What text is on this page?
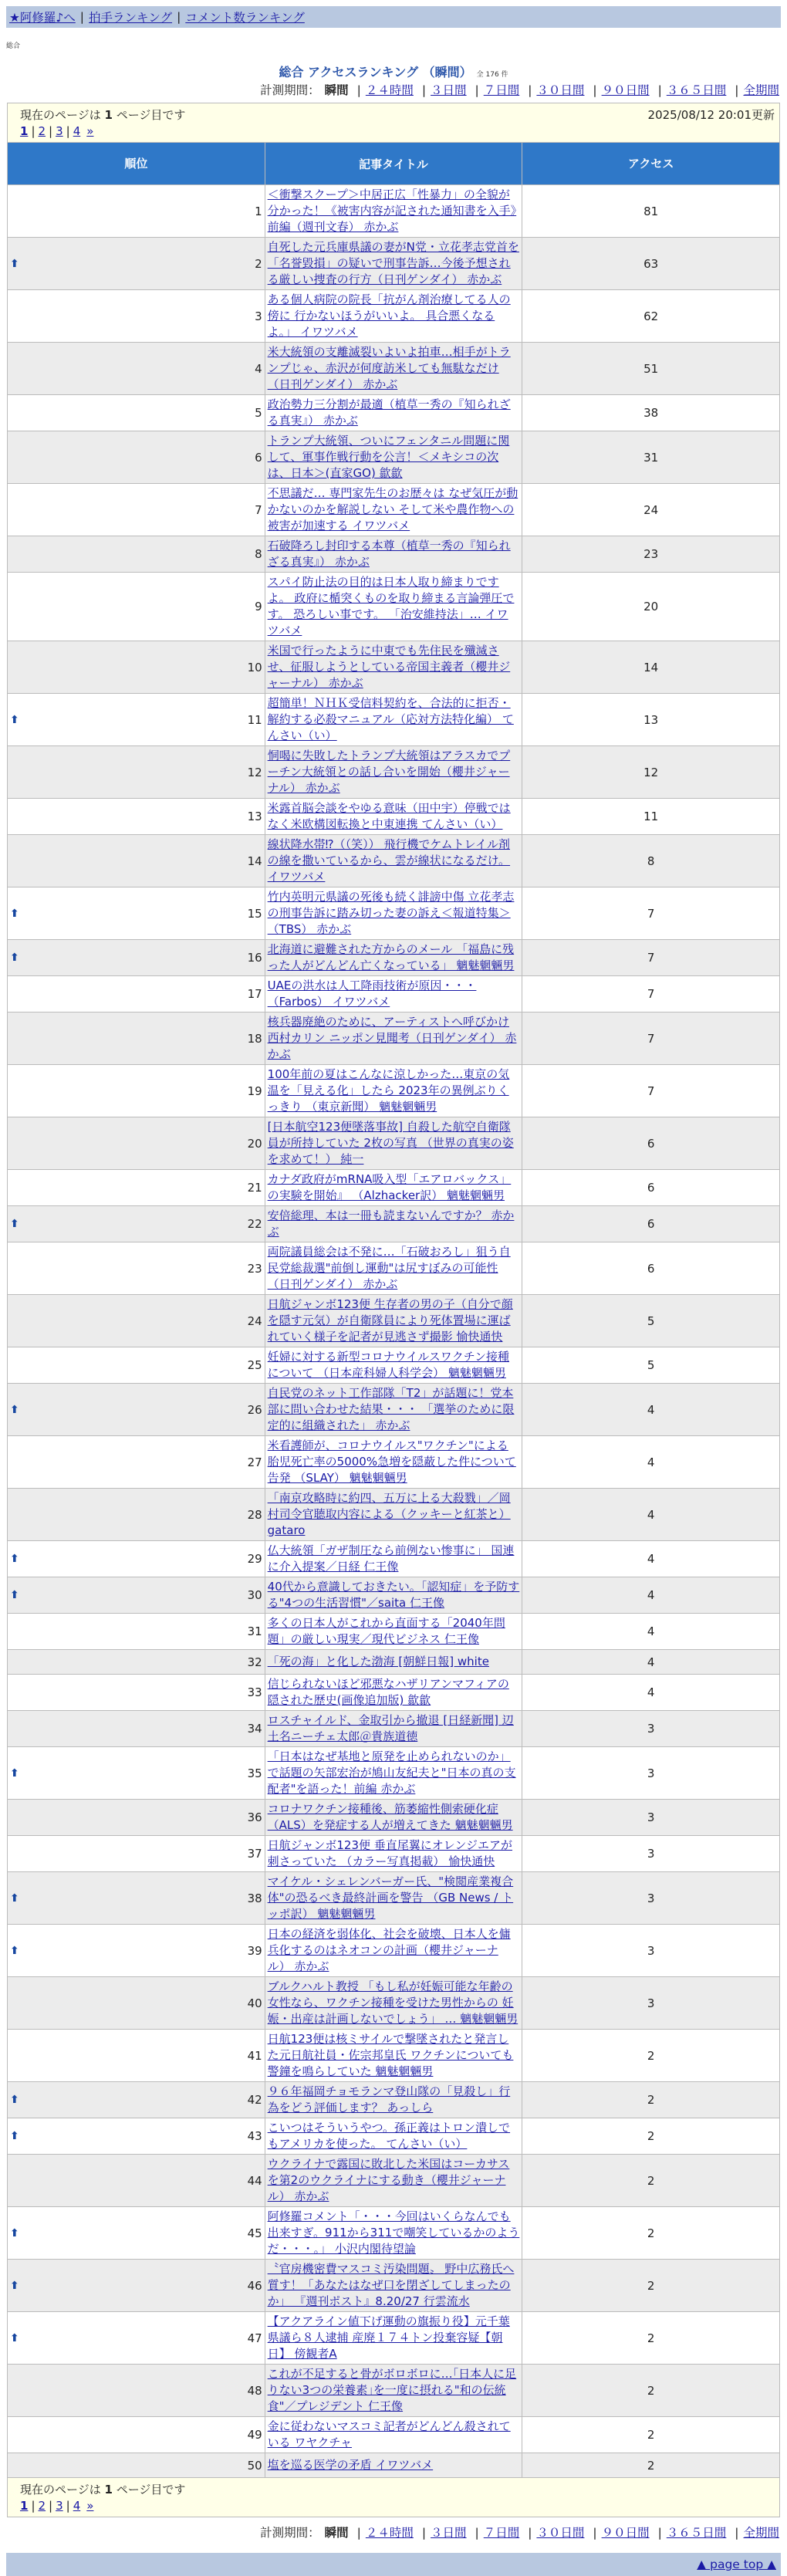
★阿修羅♪へ | 拍手ランキング | コメント数ランキング
総合
総合 アクセスランキング （瞬間） 全 176 件
計測期間： 瞬間 | ２４時間 | ３日間 | ７日間 | ３０日間 | ９０日間 | ３６５日間 | 全期間
現在のページは 1 ページ目です 2025/08/12 20:01更新
1 | 2 | 3 | 4 »		

順位	記事タイトル	アクセス
1	＜衝撃スクープ＞中居正広「性暴力」の全貌が分かった！《被害内容が記された通知書を入手》前編（週刊文春） 赤かぶ	81

⬆ 2	自死した元兵庫県議の妻がN党・立花孝志党首を「名誉毀損」の疑いで刑事告訴…今後予想される厳しい捜査の行方（日刊ゲンダイ） 赤かぶ	63
3	ある個人病院の院長「抗がん剤治療してる人の傍に 行かないほうがいいよ。 具合悪くなるよ。」 イワツバメ	62
4	米大統領の支離滅裂いよいよ拍車…相手がトランプじゃ、赤沢が何度訪米しても無駄なだけ（日刊ゲンダイ） 赤かぶ	51
5	政治勢力三分割が最適（植草一秀の『知られざる真実』） 赤かぶ	38
6	トランプ大統領、ついにフェンタニル問題に関して、軍事作戦行動を公言！＜メキシコの次は、日本＞(直家GO) 歙歙	31
7	不思議だ… 専門家先生のお歴々は なぜ気圧が動かないのかを解説しない そして米や農作物への被害が加速する イワツバメ	24
8	石破降ろし封印する本尊（植草一秀の『知られざる真実』） 赤かぶ	23
9	スパイ防止法の目的は日本人取り締まりですよ。 政府に楯突くものを取り締まる言論弾圧です。 恐ろしい事です。 「治安維持法」… イワツバメ	20
10	米国で行ったように中東でも先住民を殲滅させ、征服しようとしている帝国主義者（櫻井ジャーナル） 赤かぶ	14

⬆ 11	超簡単！ＮＨＫ受信料契約を、合法的に拒否・解約する必殺マニュアル（応対方法特化編） てんさい（い）	13
12	恫喝に失敗したトランプ大統領はアラスカでプーチン大統領との話し合いを開始（櫻井ジャーナル） 赤かぶ	12
13	米露首脳会談をやゆる意味（田中宇）停戦ではなく米欧構図転換と中東連携 てんさい（い）	11
14	線状降水帯⁉（（笑）） 飛行機でケムトレイル剤の線を撒いているから、雲が線状になるだけ。 イワツバメ	8

⬆ 15	竹内英明元県議の死後も続く誹謗中傷 立花孝志の刑事告訴に踏み切った妻の訴え＜報道特集＞（TBS） 赤かぶ	7

⬆ 16	北海道に避難された方からのメール 「福島に残った人がどんどん亡くなっている」 魑魅魍魎男	7
17	UAEの洪水は人工降雨技術が原因・・・（Farbos） イワツバメ	7
18	核兵器廃絶のために、アーティストへ呼びかけ 西村カリン ニッポン見聞考（日刊ゲンダイ） 赤かぶ	7
19	100年前の夏はこんなに涼しかった…東京の気温を「見える化」したら 2023年の異例ぶりくっきり （東京新聞） 魑魅魍魎男	7
20	[日本航空123便墜落事故] 自殺した航空自衛隊員が所持していた 2枚の写真 （世界の真実の姿を求めて！） 純一	6
21	カナダ政府がmRNA吸入型「エアロバックス」の実験を開始』 （Alzhacker訳） 魑魅魍魎男	6

⬆ 22	安倍総理、本は一冊も読まないんですか？ 赤かぶ	6
23	両院議員総会は不発に…「石破おろし」狙う自民党総裁選"前倒し運動"は尻すぼみの可能性（日刊ゲンダイ） 赤かぶ	6
24	日航ジャンボ123便 生存者の男の子（自分で顔を隠す元気）が自衛隊員により死体置場に運ばれていく様子を記者が見逃さず撮影 愉快通快	5
25	妊婦に対する新型コロナウイルスワクチン接種について （日本産科婦人科学会） 魑魅魍魎男	5

⬆ 26	自民党のネット工作部隊「T2」が話題に！党本部に問い合わせた結果・・・ 「選挙のために限定的に組織された」 赤かぶ	4
27	米看護師が、コロナウイルス"ワクチン"による胎児死亡率の5000%急増を隠蔽した件について告発 （SLAY） 魑魅魍魎男	4
28	「南京攻略時に約四、五万に上る大殺戮」／岡村司令官聴取内容による（クッキーと紅茶と） gataro	4

⬆ 29	仏大統領「ガザ制圧なら前例ない惨事に」 国連に介入提案／日経 仁王像	4

⬆ 30	40代から意識しておきたい。「認知症」を予防する"4つの生活習慣"／saita 仁王像	4
31	多くの日本人がこれから直面する「2040年問題」の厳しい現実／現代ビジネス 仁王像	4
32	「死の海」と化した渤海 [朝鮮日報] white	4
33	信じられないほど邪悪なハザリアンマフィアの隠された歴史(画像追加版) 歙歙	4
34	ロスチャイルド、金取引から撤退 [日経新聞] 辺土名ニーチェ太郎＠貴族道徳	3

⬆ 35	「日本はなぜ基地と原発を止められないのか」で話題の矢部宏治が鳩山友紀夫と"日本の真の支配者"を語った！前編 赤かぶ	3
36	コロナワクチン接種後、筋萎縮性側索硬化症（ALS）を発症する人が増えてきた 魑魅魍魎男	3
37	日航ジャンボ123便 垂直尾翼にオレンジエアが刺さっていた （カラー写真掲載） 愉快通快	3

⬆ 38	マイケル・シェレンバーガー氏、"検閲産業複合体"の恐るべき最終計画を警告 （GB News / トッポ訳） 魑魅魍魎男	3

⬆ 39	日本の経済を弱体化、社会を破壊、日本人を傭兵化するのはネオコンの計画（櫻井ジャーナル） 赤かぶ	3
40	ブルクハルト教授 「もし私が妊娠可能な年齢の女性なら、ワクチン接種を受けた男性からの 妊娠・出産は計画しないでしょう」 … 魑魅魍魎男	3
41	日航123便は核ミサイルで撃墜されたと発言した元日航社員・佐宗邦皇氏 ワクチンについても警鐘を鳴らしていた 魑魅魍魎男	2

⬆ 42	９６年福岡チョモランマ登山隊の「見殺し」行為をどう評価します？ あっしら	2

⬆ 43	こいつはそういうやつ。孫正義はトロン潰しでもアメリカを使った。 てんさい（い）	2
44	ウクライナで露国に敗北した米国はコーカサスを第2のウクライナにする動き（櫻井ジャーナル） 赤かぶ	2

⬆ 45	阿修羅コメント「・・・今回はいくらなんでも出来すぎ。911から311で嘲笑しているかのようだ・・・。」 小沢内閣待望論	2

⬆ 46	〝官房機密費マスコミ汚染問題〟 野中広務氏へ質す！「あなたはなぜ口を閉ざしてしまったのか」 『週刊ポスト』8.20/27 行雲流水	2

⬆ 47	【アクアライン値下げ運動の旗振り役】元千葉県議ら８人逮捕 産廃１７４トン投棄容疑【朝日】 傍観者A	2
48	これが不足すると骨がボロボロに…｢日本人に足りない3つの栄養素｣を一度に摂れる"和の伝統食"／プレジデント 仁王像	2
49	金に従わないマスコミ記者がどんどん殺されている ワヤクチャ	2
50	塩を巡る医学の矛盾 イワツバメ	2

現在のページは 1 ページ目です
1 | 2 | 3 | 4 »		
計測期間： 瞬間 | ２４時間 | ３日間 | ７日間 | ３０日間 | ９０日間 | ３６５日間 | 全期間
▲ page top ▲
